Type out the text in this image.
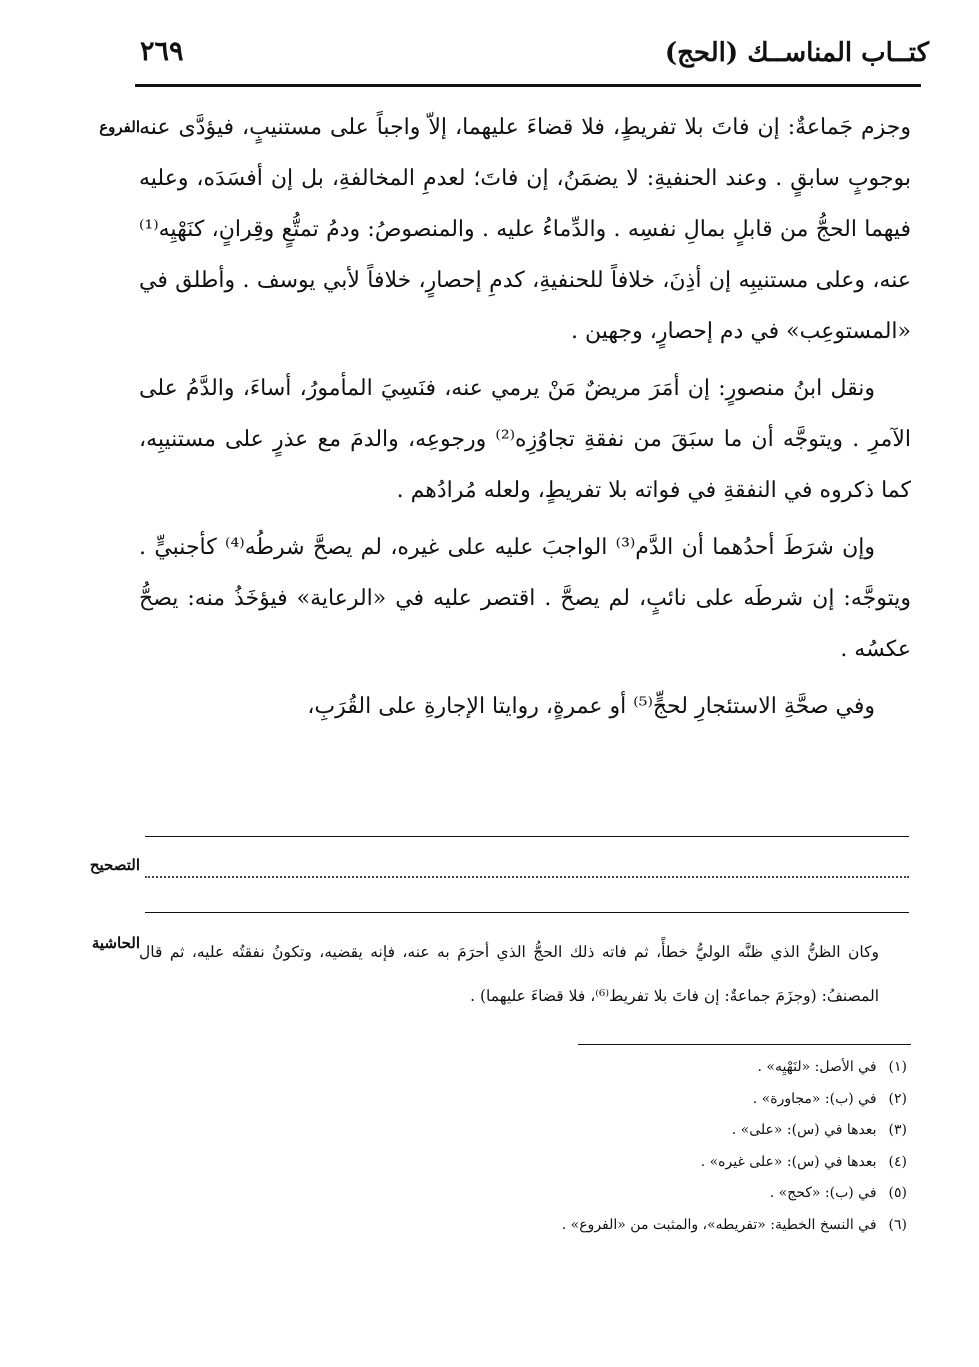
كتــاب المناســك (الحج)
٢٦٩
الفروع وجزم جَماعةٌ: إن فاتَ بلا تفريطٍ، فلا قضاءَ عليهما، إلاّ واجباً على مستنيبٍ، فيؤدَّى عنه بوجوبٍ سابقٍ . وعند الحنفيةِ: لا يضمَنُ، إن فاتَ؛ لعدمِ المخالفةِ، بل إن أفسَدَه، وعليه فيهما الحجُّ من قابلٍ بمالِ نفسِه . والدِّماءُ عليه . والمنصوصُ: ودمُ تمتُّعٍ وقِرانٍ، كنَهْيِه⁽¹⁾ عنه، وعلى مستنيبِه إن أذِنَ، خلافاً للحنفيةِ، كدمِ إحصارٍ، خلافاً لأبي يوسف . وأطلق في «المستوعِب» في دم إحصارٍ، وجهين .

ونقل ابنُ منصورٍ: إن أمَرَ مريضٌ مَنْ يرمي عنه، فنَسِيَ المأمورُ، أساءَ، والدَّمُ على الآمرِ . ويتوجَّه أن ما سبَقَ من نفقةِ تجاوُزِه⁽²⁾ ورجوعِه، والدمَ مع عذرٍ على مستنيبِه، كما ذكروه في النفقةِ في فواته بلا تفريطٍ، ولعله مُرادُهم .

وإن شرَطَ أحدُهما أن الدَّم⁽³⁾ الواجبَ عليه على غيره، لم يصحَّ شرطُه⁽⁴⁾ كأجنبيٍّ . ويتوجَّه: إن شرطَه على نائبٍ، لم يصحَّ . اقتصر عليه في «الرعاية» فيؤخَذُ منه: يصحُّ عكسُه .

وفي صحَّةِ الاستئجارِ لحجٍّ⁽⁵⁾ أو عمرةٍ، روايتا الإجارةِ على القُرَبِ،

التصحيح
الحاشية وكان الظنُّ الذي ظنَّه الوليُّ خطأً، ثم فاته ذلك الحجُّ الذي أحرَمَ به عنه، فإنه يقضيه، وتكونُ نفقتُه عليه، ثم قال المصنفُ: (وجزَمَ جماعةٌ: إن فاتَ بلا تفريط⁽⁶⁾، فلا قضاءَ عليهما) .
(١) في الأصل: «لنَهْيِه» .
(٢) في (ب): «مجاورة» .
(٣) بعدها في (س): «على» .
(٤) بعدها في (س): «على غيره» .
(٥) في (ب): «كحج» .
(٦) في النسخ الخطية: «تفريطه»، والمثبت من «الفروع» .
